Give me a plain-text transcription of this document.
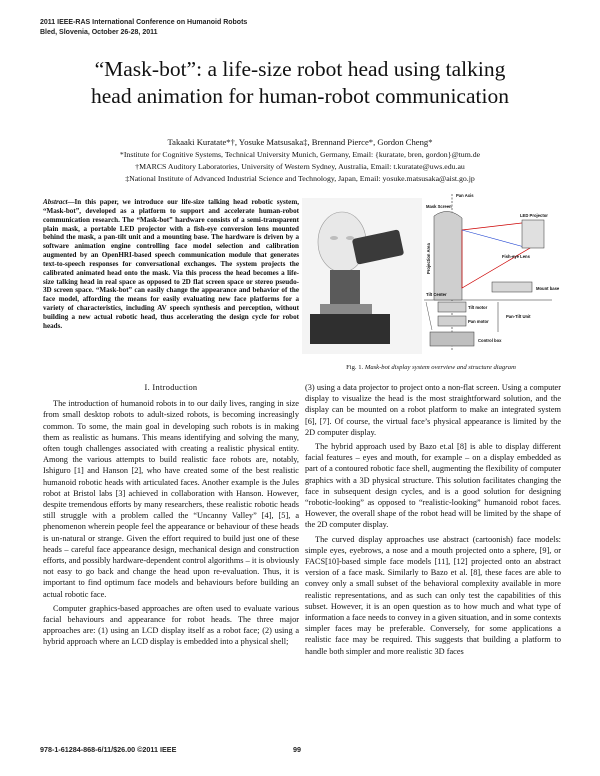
2011 IEEE-RAS International Conference on Humanoid Robots
Bled, Slovenia, October 26-28, 2011
“Mask-bot”: a life-size robot head using talking
head animation for human-robot communication
Takaaki Kuratate*†, Yosuke Matsusaka‡, Brennand Pierce*, Gordon Cheng*
*Institute for Cognitive Systems, Technical University Munich, Germany, Email: {kuratate, bren, gordon}@tum.de
†MARCS Auditory Laboratories, University of Western Sydney, Australia, Email: t.kuratate@uws.edu.au
‡National Institute of Advanced Industrial Science and Technology, Japan, Email: yosuke.matsusaka@aist.go.jp
Abstract—In this paper, we introduce our life-size talking head robotic system, “Mask-bot”, developed as a platform to support and accelerate human-robot communication research. The “Mask-bot” hardware consists of a semi-transparent plain mask, a portable LED projector with a fish-eye conversion lens mounted behind the mask, a pan-tilt unit and a mounting base. The hardware is driven by a software animation engine controlling face model selection and calibration augmented by an OpenHRI-based speech communication module that generates text-to-speech responses for conversational exchanges. The system projects the calibrated animated head onto the mask. Via this process the head becomes a life-size talking head in real space as opposed to 2D flat screen space or stereo pseudo-3D screen space. “Mask-bot” can easily change the appearance and behavior of the face model, affording the means for easily evaluating new face platforms for a variety of characteristics, including AV speech synthesis and perception, without building a new actual robotic head, thus accelerating the design cycle for robot heads.
Pan Axis
Mask Screen
LED Projector
Projection Area	Fish-eye Lens
Mount base
Tilt Center
Tilt motor
Pan motor
Pan-Tilt Unit
Control box
Fig. 1. Mask-bot display system overview and structure diagram
I. Introduction

The introduction of humanoid robots in to our daily lives, ranging in size from small desktop robots to adult-sized robots, is becoming increasingly common. To some, the main goal in developing such robots is in making them as realistic as humans. This means identifying and solving the many, often tough challenges associated with creating a realistic physical entity. Among the various attempts to build realistic face robots are, notably, Ishiguro [1] and Hanson [2], who have created some of the best realistic humanoid robotic heads with articulated faces. Another example is the Jules robot at Bristol labs [3] achieved in collaboration with Hanson. However, despite tremendous efforts by many researchers, these realistic robotic heads still struggle with a problem called the “Uncanny Valley” [4], [5], a phenomenon wherein people feel the appearance or behaviour of these heads is un-natural or strange. Given the effort required to build just one of these heads – careful face appearance design, mechanical design and construction efforts, and possibly hardware-dependent control algorithms – it is obviously not easy to go back and change the head upon re-evaluation. Thus, it is important to find optimum face models and behaviours before building an actual robotic face.

Computer graphics-based approaches are often used to evaluate various facial behaviours and appearance for robot heads. The three major approaches are: (1) using an LCD display itself as a robot face; (2) using a hybrid approach where an LCD display is embedded into a physical shell;

(3) using a data projector to project onto a non-flat screen. Using a computer display to visualize the head is the most straightforward solution, and the display can be mounted on a robot platform to make an integrated system [6], [7]. Of course, the virtual face’s physical appearance is limited by the 2D computer display.

The hybrid approach used by Bazo et.al [8] is able to display different facial features – eyes and mouth, for example – on a display embedded as part of a contoured robotic face shell, augmenting the flexibility of computer graphics with a 3D physical structure. This solution facilitates changing the face in subsequent design cycles, and is a good solution for designing “robotic-looking” as opposed to “realistic-looking” humanoid robot faces. However, the overall shape of the robot head will be limited by the shape of the 2D computer display.

The curved display approaches use abstract (cartoonish) face models: simple eyes, eyebrows, a nose and a mouth projected onto a sphere, [9], or FACS[10]-based simple face models [11], [12] projected onto an abstract version of a face mask. Similarly to Bazo et al. [8], these faces are able to convey only a small subset of the behavioral complexity available in more realistic representations, and as such can only test the capabilities of this subset. However, it is an open question as to how much and what type of information a face needs to convey in a given situation, and in some contexts simpler faces may be preferable. Conversely, for some applications a realistic face may be required. This suggests that building a platform to handle both simpler and more realistic 3D faces

978-1-61284-868-6/11/$26.00 ©2011 IEEE	99
